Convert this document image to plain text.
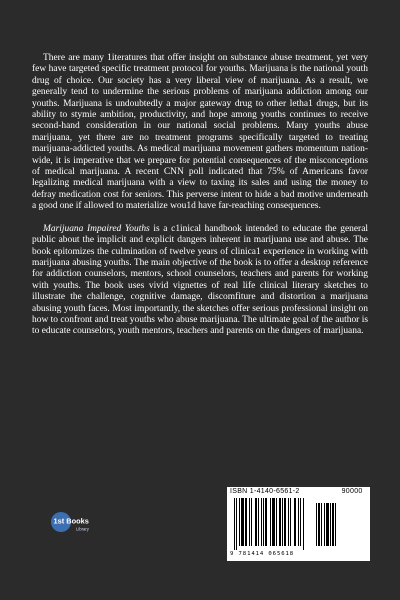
There are many 1iteratures that offer insight on substance abuse treatment, yet very few have targeted specific treatment protocol for youths. Marijuana is the national youth drug of choice. Our society has a very liberal view of marijuana. As a result, we generally tend to undermine the serious problems of marijuana addiction among our youths. Marijuana is undoubtedly a major gateway drug to other letha1 drugs, but its ability to stymie ambition, productivity, and hope among youths continues to receive second-hand consideration in our national social problems. Many youths abuse marijuana, yet there are no treatment programs specifically targeted to treating marijuana-addicted youths. As medical marijuana movement gathers momentum nation-wide, it is imperative that we prepare for potential consequences of the misconceptions of medical marijuana. A recent CNN poll indicated that 75% of Americans favor legalizing medical marijuana with a view to taxing its sales and using the money to defray medication cost for seniors. This perverse intent to hide a bad motive underneath a good one if allowed to materialize wou1d have far-reaching consequences.

Marijuana Impaired Youths is a c1inical handbook intended to educate the general public about the implicit and explicit dangers inherent in marijuana use and abuse. The book epitomizes the culmination of twelve years of clinica1 experience in working with marijuana abusing youths. The main objective of the book is to offer a desktop reference for addiction counselors, mentors, school counselors, teachers and parents for working with youths. The book uses vivid vignettes of real life clinical literary sketches to illustrate the challenge, cognitive damage, discomfiture and distortion a marijuana abusing youth faces. Most importantly, the sketches offer serious professional insight on how to confront and treat youths who abuse marijuana. The ultimate goal of the author is to educate counselors, youth mentors, teachers and parents on the dangers of marijuana.

1st Books
Library
ISBN 1-4140-6561-2	90000
9 781414 065618
